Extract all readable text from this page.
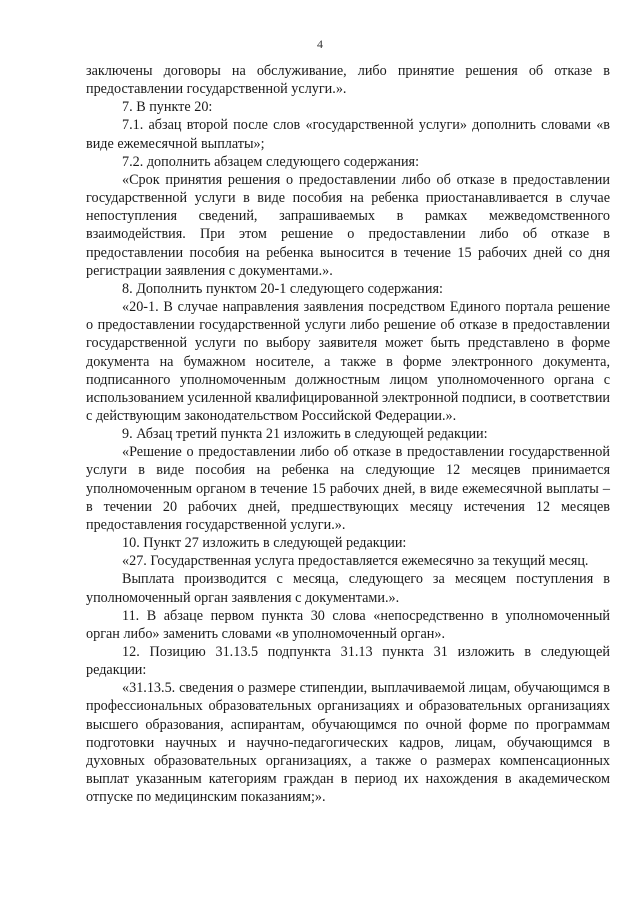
4

заключены договоры на обслуживание, либо принятие решения об отказе в предоставлении государственной услуги.».

7. В пункте 20:

7.1. абзац второй после слов «государственной услуги» дополнить словами «в виде ежемесячной выплаты»;

7.2. дополнить абзацем следующего содержания:

«Срок принятия решения о предоставлении либо об отказе в предоставлении государственной услуги в виде пособия на ребенка приостанавливается в случае непоступления сведений, запрашиваемых в рамках межведомственного взаимодействия. При этом решение о предоставлении либо об отказе в предоставлении пособия на ребенка выносится в течение 15 рабочих дней со дня регистрации заявления с документами.».

8. Дополнить пунктом 20-1 следующего содержания:

«20-1. В случае направления заявления посредством Единого портала решение о предоставлении государственной услуги либо решение об отказе в предоставлении государственной услуги по выбору заявителя может быть представлено в форме документа на бумажном носителе, а также в форме электронного документа, подписанного уполномоченным должностным лицом уполномоченного органа с использованием усиленной квалифицированной электронной подписи, в соответствии с действующим законодательством Российской Федерации.».

9. Абзац третий пункта 21 изложить в следующей редакции:

«Решение о предоставлении либо об отказе в предоставлении государственной услуги в виде пособия на ребенка на следующие 12 месяцев принимается уполномоченным органом в течение 15 рабочих дней, в виде ежемесячной выплаты – в течении 20 рабочих дней, предшествующих месяцу истечения 12 месяцев предоставления государственной услуги.».

10. Пункт 27 изложить в следующей редакции:

«27. Государственная услуга предоставляется ежемесячно за текущий месяц.

Выплата производится с месяца, следующего за месяцем поступления в уполномоченный орган заявления с документами.».

11. В абзаце первом пункта 30 слова «непосредственно в уполномоченный орган либо» заменить словами «в уполномоченный орган».

12. Позицию 31.13.5 подпункта 31.13 пункта 31 изложить в следующей редакции:

«31.13.5. сведения о размере стипендии, выплачиваемой лицам, обучающимся в профессиональных образовательных организациях и образовательных организациях высшего образования, аспирантам, обучающимся по очной форме по программам подготовки научных и научно-педагогических кадров, лицам, обучающимся в духовных образовательных организациях, а также о размерах компенсационных выплат указанным категориям граждан в период их нахождения в академическом отпуске по медицинским показаниям;».
